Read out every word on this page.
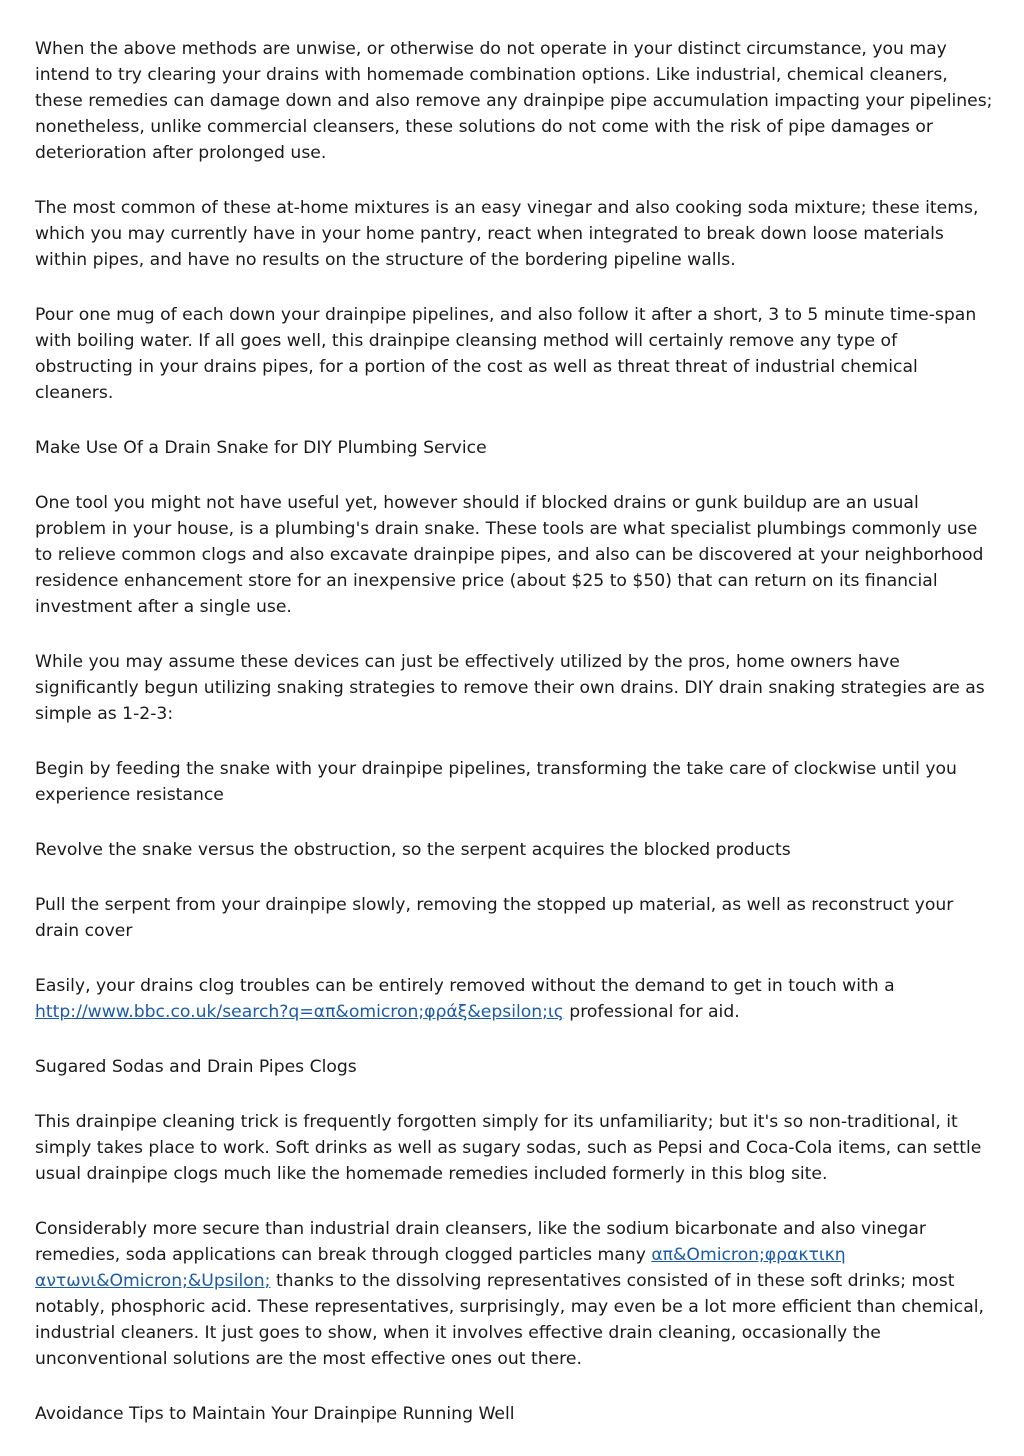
When the above methods are unwise, or otherwise do not operate in your distinct circumstance, you may intend to try clearing your drains with homemade combination options. Like industrial, chemical cleaners, these remedies can damage down and also remove any drainpipe pipe accumulation impacting your pipelines; nonetheless, unlike commercial cleansers, these solutions do not come with the risk of pipe damages or deterioration after prolonged use.

The most common of these at-home mixtures is an easy vinegar and also cooking soda mixture; these items, which you may currently have in your home pantry, react when integrated to break down loose materials within pipes, and have no results on the structure of the bordering pipeline walls.

Pour one mug of each down your drainpipe pipelines, and also follow it after a short, 3 to 5 minute time-span with boiling water. If all goes well, this drainpipe cleansing method will certainly remove any type of obstructing in your drains pipes, for a portion of the cost as well as threat threat of industrial chemical cleaners.

Make Use Of a Drain Snake for DIY Plumbing Service

One tool you might not have useful yet, however should if blocked drains or gunk buildup are an usual problem in your house, is a plumbing's drain snake. These tools are what specialist plumbings commonly use to relieve common clogs and also excavate drainpipe pipes, and also can be discovered at your neighborhood residence enhancement store for an inexpensive price (about $25 to $50) that can return on its financial investment after a single use.

While you may assume these devices can just be effectively utilized by the pros, home owners have significantly begun utilizing snaking strategies to remove their own drains. DIY drain snaking strategies are as simple as 1-2-3:

Begin by feeding the snake with your drainpipe pipelines, transforming the take care of clockwise until you experience resistance

Revolve the snake versus the obstruction, so the serpent acquires the blocked products

Pull the serpent from your drainpipe slowly, removing the stopped up material, as well as reconstruct your drain cover

Easily, your drains clog troubles can be entirely removed without the demand to get in touch with a http://www.bbc.co.uk/search?q=απ&omicron;φράξ&epsilon;ις professional for aid.

Sugared Sodas and Drain Pipes Clogs

This drainpipe cleaning trick is frequently forgotten simply for its unfamiliarity; but it's so non-traditional, it simply takes place to work. Soft drinks as well as sugary sodas, such as Pepsi and Coca-Cola items, can settle usual drainpipe clogs much like the homemade remedies included formerly in this blog site.

Considerably more secure than industrial drain cleansers, like the sodium bicarbonate and also vinegar remedies, soda applications can break through clogged particles many απ&Omicron;φρακτικη αντωνι&Omicron;&Upsilon; thanks to the dissolving representatives consisted of in these soft drinks; most notably, phosphoric acid. These representatives, surprisingly, may even be a lot more efficient than chemical, industrial cleaners. It just goes to show, when it involves effective drain cleaning, occasionally the unconventional solutions are the most effective ones out there.

Avoidance Tips to Maintain Your Drainpipe Running Well
